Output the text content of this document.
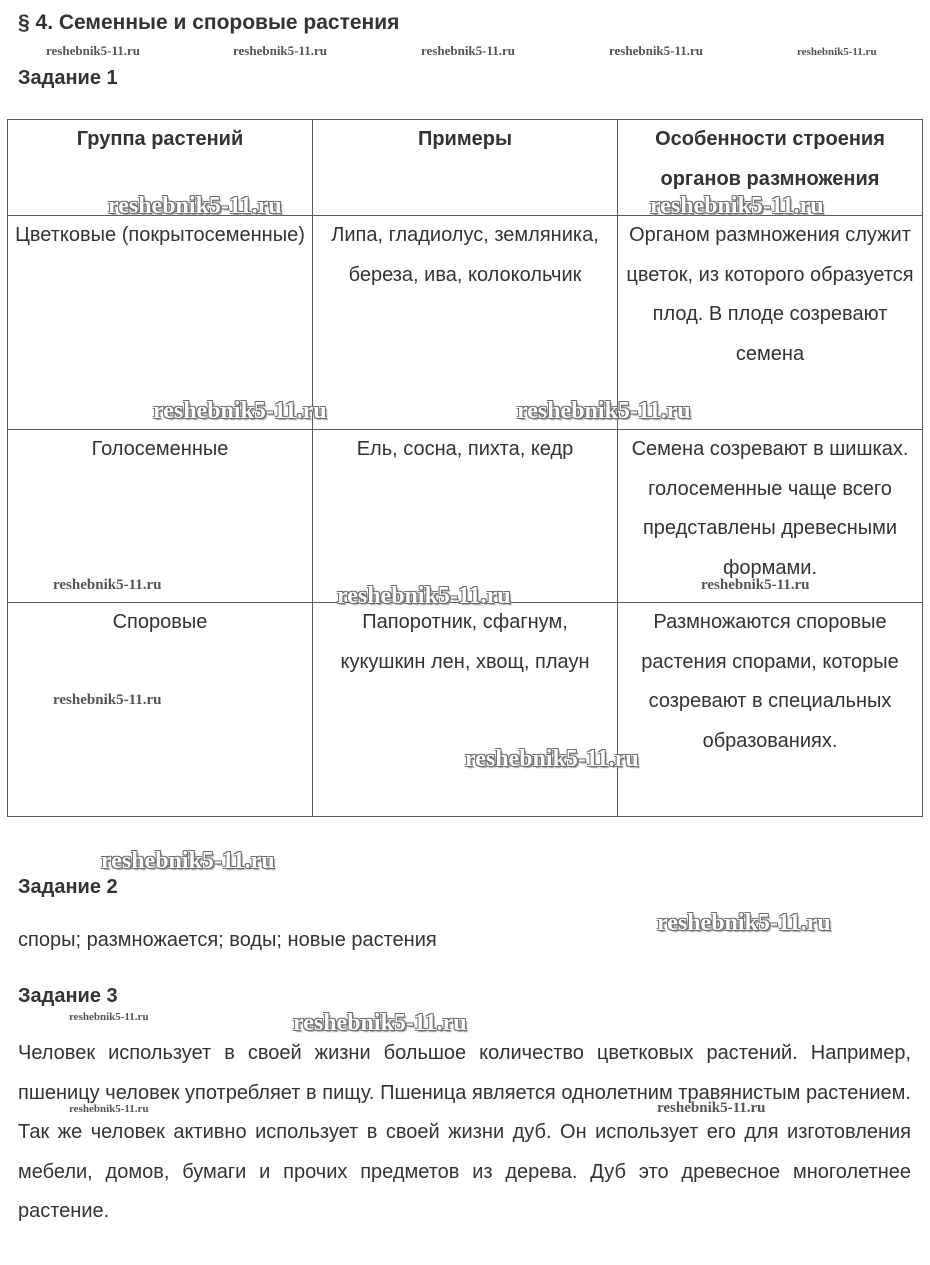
§ 4. Семенные и споровые растения
Задание 1
Группа растений	Примеры	Особенности строения органов размножения
Цветковые (покрытосеменные)	Липа, гладиолус, земляника, береза, ива, колокольчик	Органом размножения служит цветок, из которого образуется плод. В плоде созревают семена
Голосеменные	Ель, сосна, пихта, кедр	Семена созревают в шишках. голосеменные чаще всего представлены древесными формами.
Споровые	Папоротник, сфагнум, кукушкин лен, хвощ, плаун	Размножаются споровые растения спорами, которые созревают в специальных образованиях.
Задание 2

споры; размножается; воды; новые растения

Задание 3

Человек использует в своей жизни большое количество цветковых растений. Например, пшеницу человек употребляет в пищу. Пшеница является однолетним травянистым растением. Так же человек активно использует в своей жизни дуб. Он использует его для изготовления мебели, домов, бумаги и прочих предметов из дерева. Дуб это древесное многолетнее растение.

reshebnik5-11.ru	reshebnik5-11.ru	reshebnik5-11.ru	reshebnik5-11.ru	reshebnik5-11.ru
reshebnik5-11.ru	reshebnik5-11.ru
reshebnik5-11.ru	reshebnik5-11.ru
reshebnik5-11.ru	reshebnik5-11.ru	reshebnik5-11.ru
reshebnik5-11.ru
reshebnik5-11.ru
reshebnik5-11.ru
reshebnik5-11.ru
reshebnik5-11.ru	reshebnik5-11.ru
reshebnik5-11.ru	reshebnik5-11.ru
